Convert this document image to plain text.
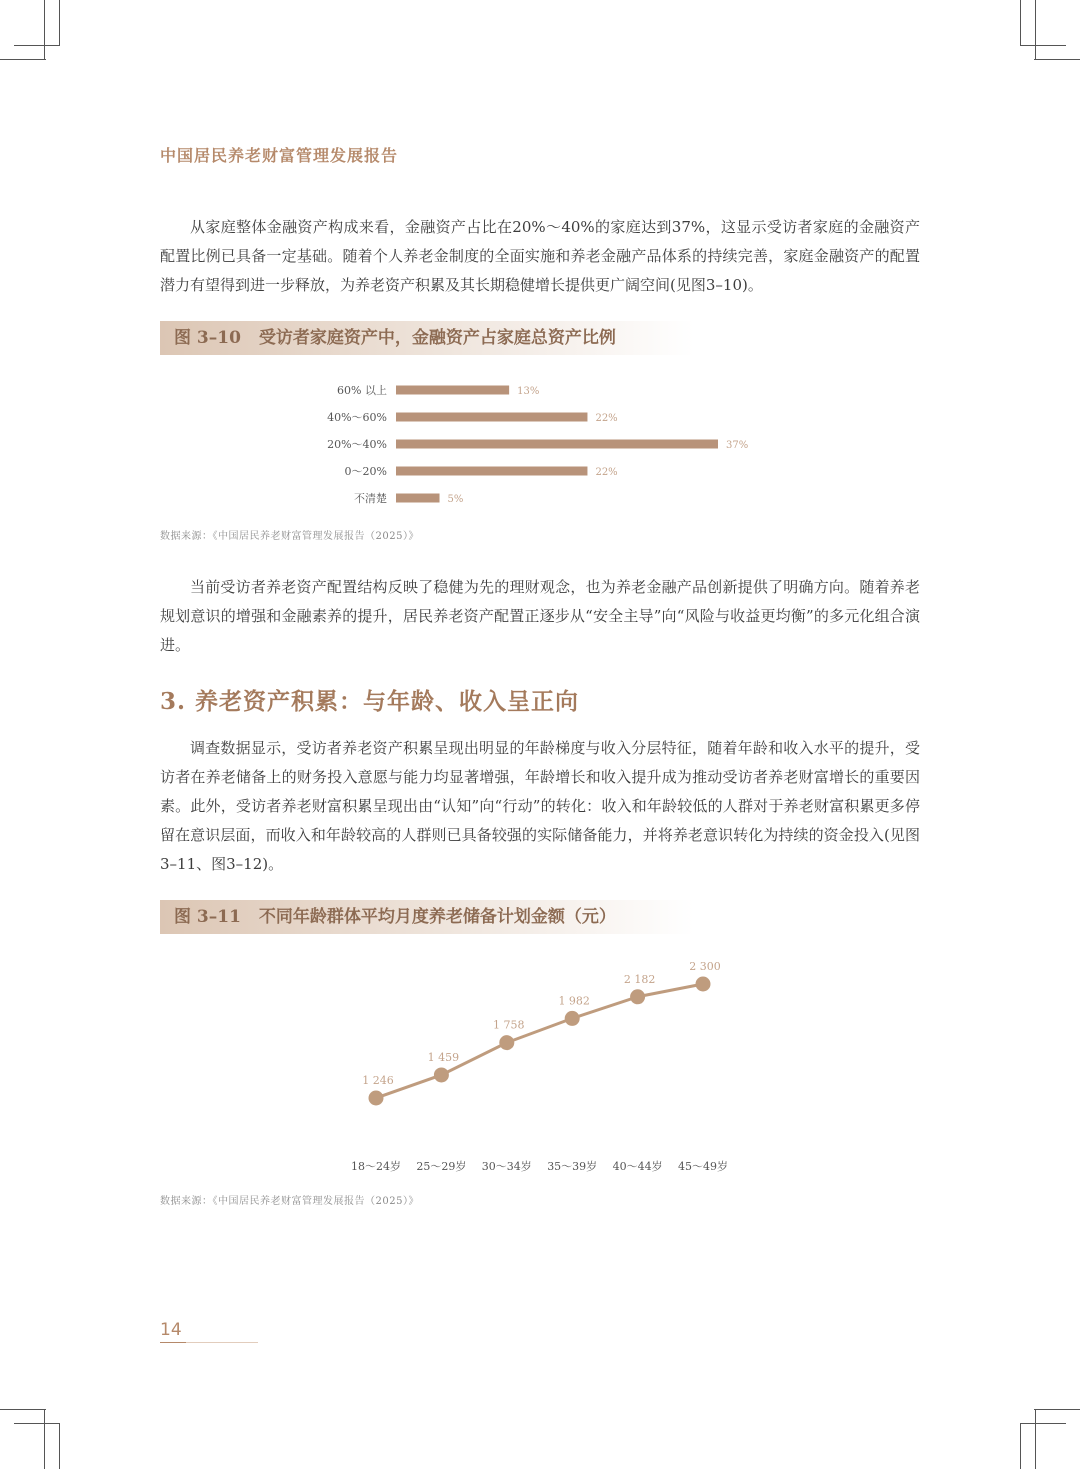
中国居民养老财富管理发展报告

从家庭整体金融资产构成来看，金融资产占比在20%～40%的家庭达到37%，这显示受访者家庭的金融资产配置比例已具备一定基础。随着个人养老金制度的全面实施和养老金融产品体系的持续完善，家庭金融资产的配置潜力有望得到进一步释放，为养老资产积累及其长期稳健增长提供更广阔空间(见图3–10)。

图 3–10 受访者家庭资产中，金融资产占家庭总资产比例
60% 以上	13%
40%～60%	22%
20%～40%	37%
0～20%	22%
不清楚	5%
数据来源：《中国居民养老财富管理发展报告（2025）》

当前受访者养老资产配置结构反映了稳健为先的理财观念，也为养老金融产品创新提供了明确方向。随着养老规划意识的增强和金融素养的提升，居民养老资产配置正逐步从“安全主导”向“风险与收益更均衡”的多元化组合演进。

3. 养老资产积累：与年龄、收入呈正向

调查数据显示，受访者养老资产积累呈现出明显的年龄梯度与收入分层特征，随着年龄和收入水平的提升，受访者在养老储备上的财务投入意愿与能力均显著增强，年龄增长和收入提升成为推动受访者养老财富增长的重要因素。此外，受访者养老财富积累呈现出由“认知”向“行动”的转化：收入和年龄较低的人群对于养老财富积累更多停留在意识层面，而收入和年龄较高的人群则已具备较强的实际储备能力，并将养老意识转化为持续的资金投入(见图3–11、图3–12)。

图 3–11 不同年龄群体平均月度养老储备计划金额（元）
1 246
18～24岁
1 459
25～29岁
1 758
30～34岁
1 982
35～39岁
2 182
40～44岁
2 300
45～49岁
数据来源：《中国居民养老财富管理发展报告（2025）》
14
